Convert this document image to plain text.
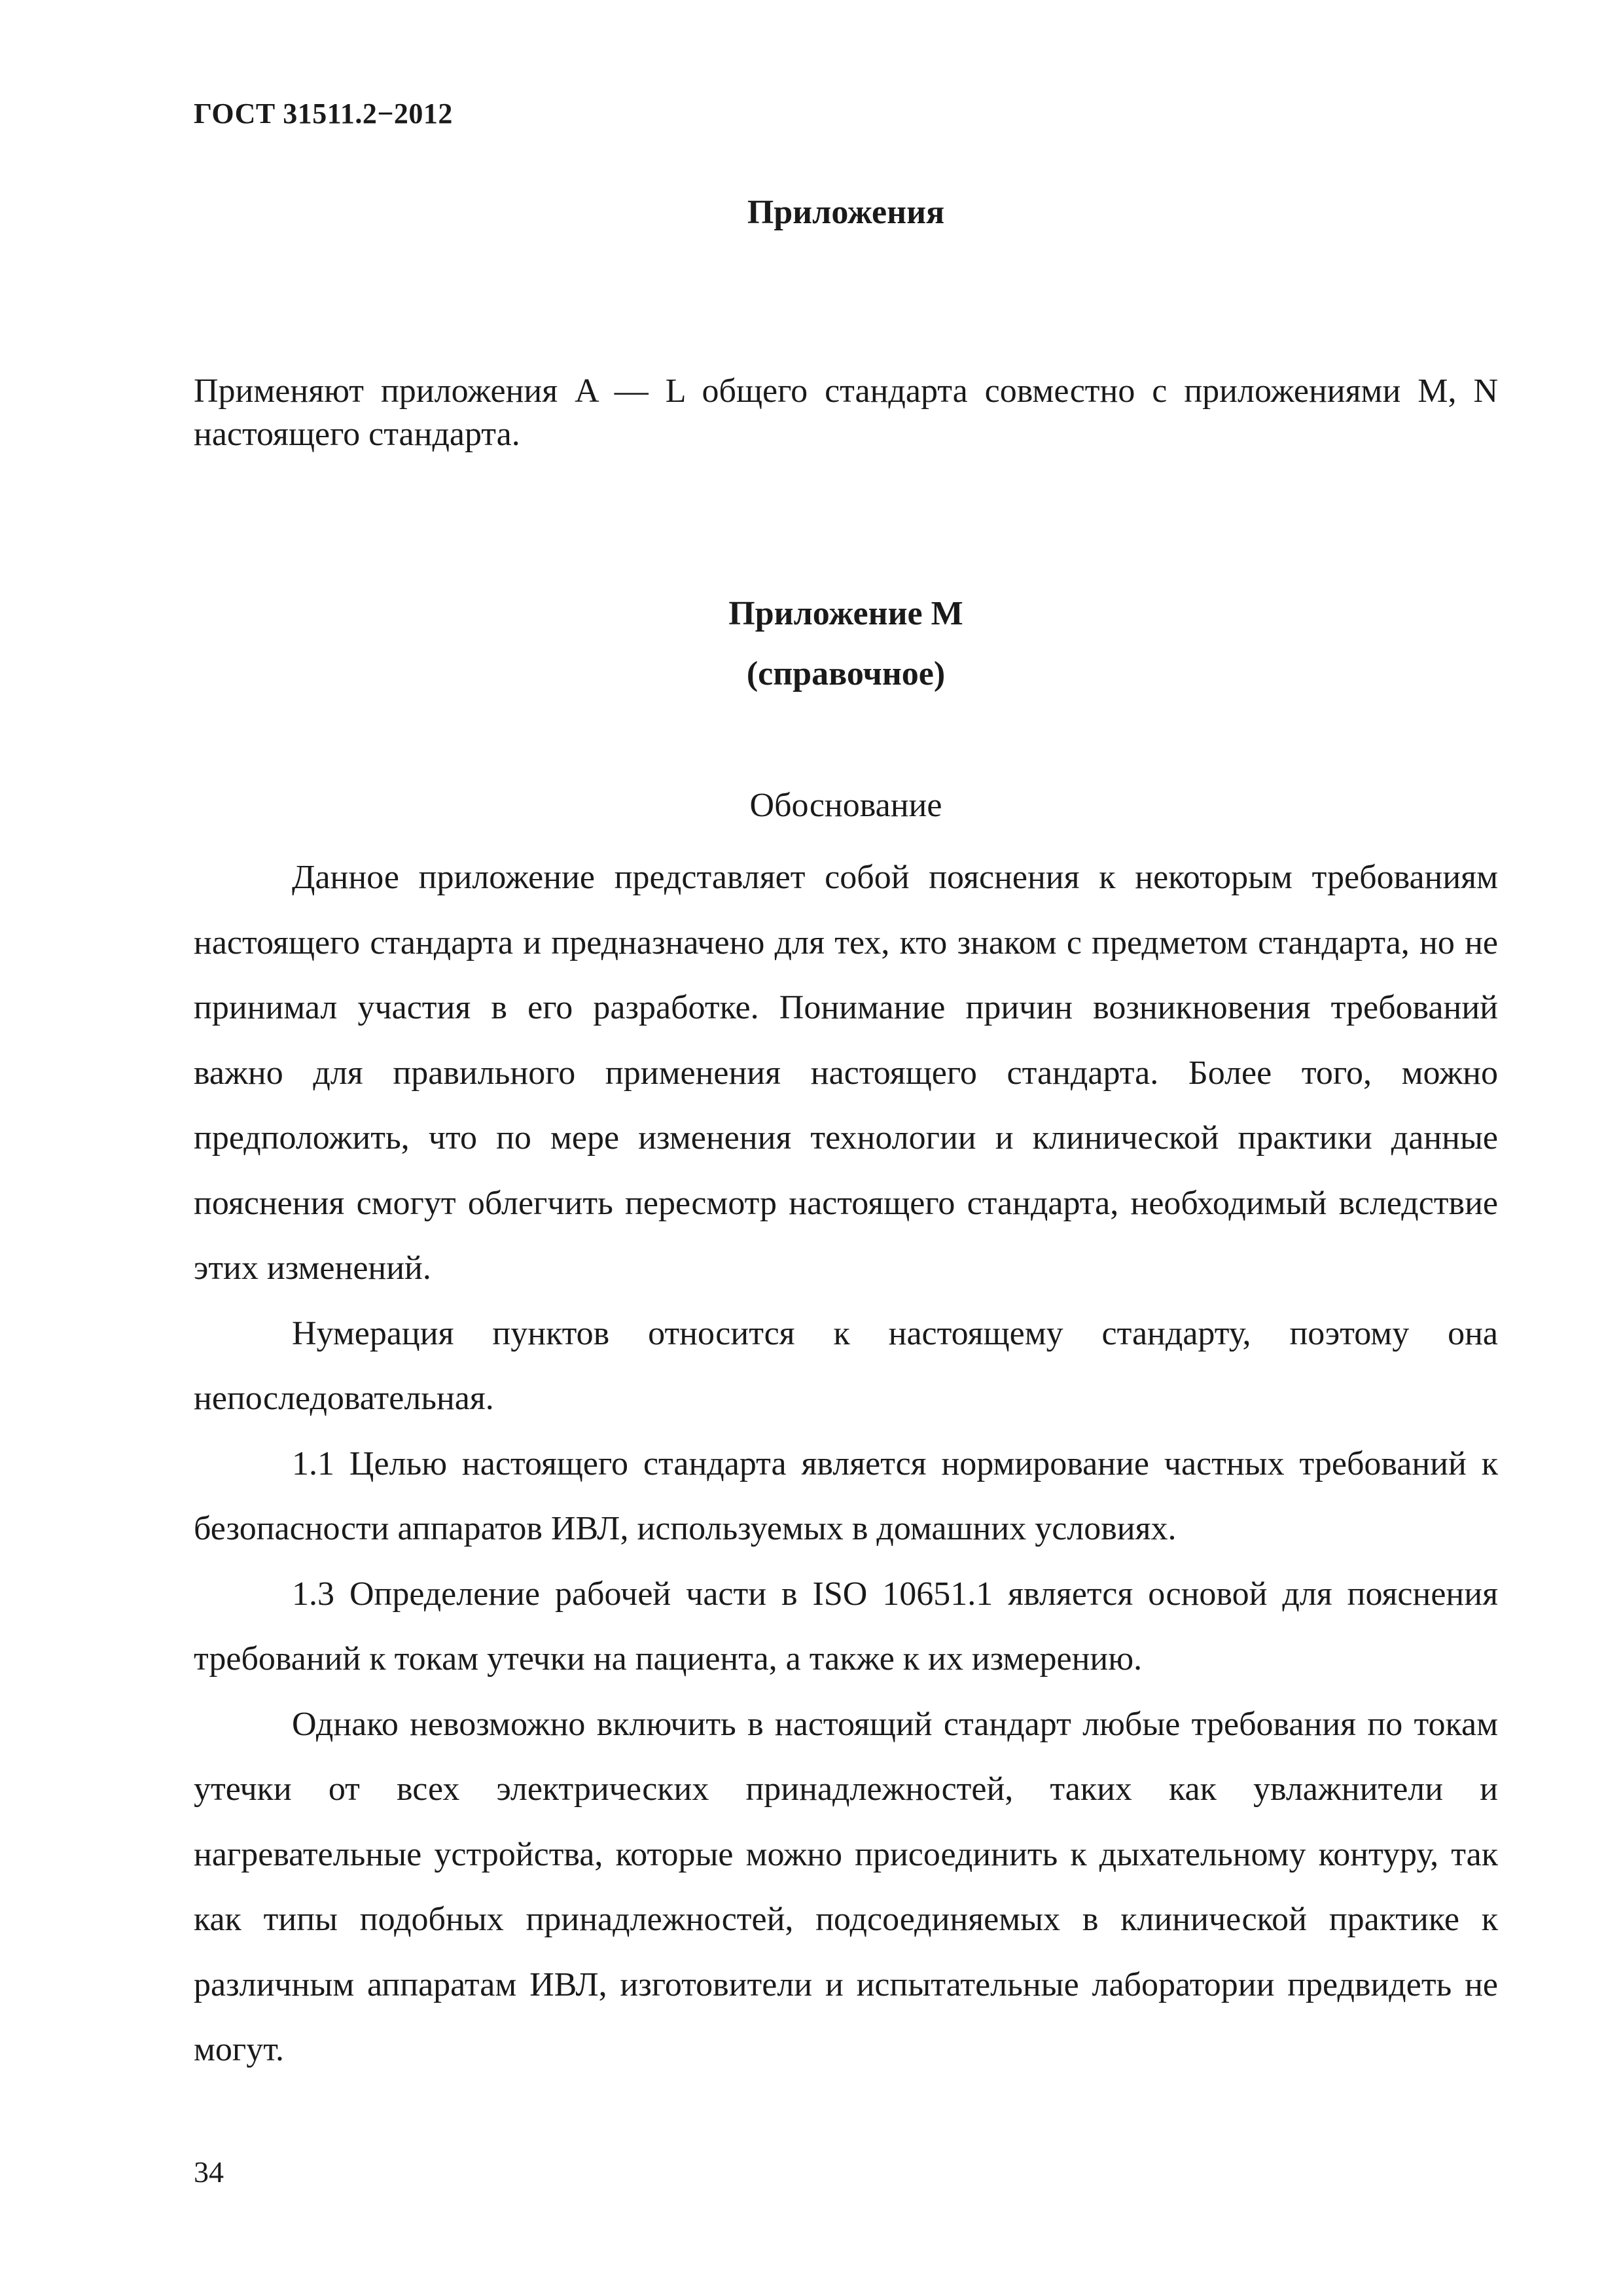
ГОСТ 31511.2−2012
Приложения

Применяют приложения A — L общего стандарта совместно с приложениями M, N настоящего стандарта.

Приложение M
(справочное)
Обоснование

Данное приложение представляет собой пояснения к некоторым требованиям настоящего стандарта и предназначено для тех, кто знаком с предметом стандарта, но не принимал участия в его разработке. Понимание причин возникновения требований важно для правильного применения настоящего стандарта. Более того, можно предположить, что по мере изменения технологии и клинической практики данные пояснения смогут облегчить пересмотр настоящего стандарта, необходимый вследствие этих изменений.

Нумерация пунктов относится к настоящему стандарту, поэтому она непоследовательная.

1.1 Целью настоящего стандарта является нормирование частных требований к безопасности аппаратов ИВЛ, используемых в домашних условиях.

1.3 Определение рабочей части в ISO 10651.1 является основой для пояснения требований к токам утечки на пациента, а также к их измерению.

Однако невозможно включить в настоящий стандарт любые требования по токам утечки от всех электрических принадлежностей, таких как увлажнители и нагревательные устройства, которые можно присоединить к дыхательному контуру, так как типы подобных принадлежностей, подсоединяемых в клинической практике к различным аппаратам ИВЛ, изготовители и испытательные лаборатории предвидеть не могут.

34
